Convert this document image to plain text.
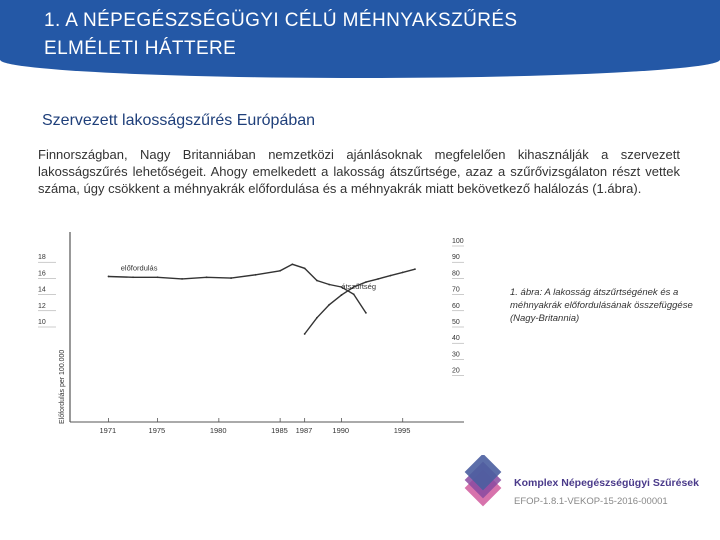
1. A NÉPEGÉSZSÉGÜGYI CÉLÚ MÉHNYAKSZŰRÉS
ELMÉLETI HÁTTERE
Szervezett lakosságszűrés Európában
Finnországban, Nagy Britanniában nemzetközi ajánlásoknak megfelelően kihasználják a szervezett lakosságszűrés lehetőségeit. Ahogy emelkedett a lakosság átszűrtsége, azaz a szűrővizsgálaton részt vettek száma, úgy csökkent a méhnyakrák előfordulása és a méhnyakrák miatt bekövetkező halálozás (1.ábra).
10
12
14
16
18
20
30
40
50
60
70
80
90
100
1971	1975	1980	1985 1987	1990	1995
Előfordulás per 100.000
előfordulás
átszűrtség
1. ábra: A lakosság átszűrtségének és a méhnyakrák előfordulásának összefüggése (Nagy-Britannia)
Komplex Népegészségügyi Szűrések
EFOP-1.8.1-VEKOP-15-2016-00001
